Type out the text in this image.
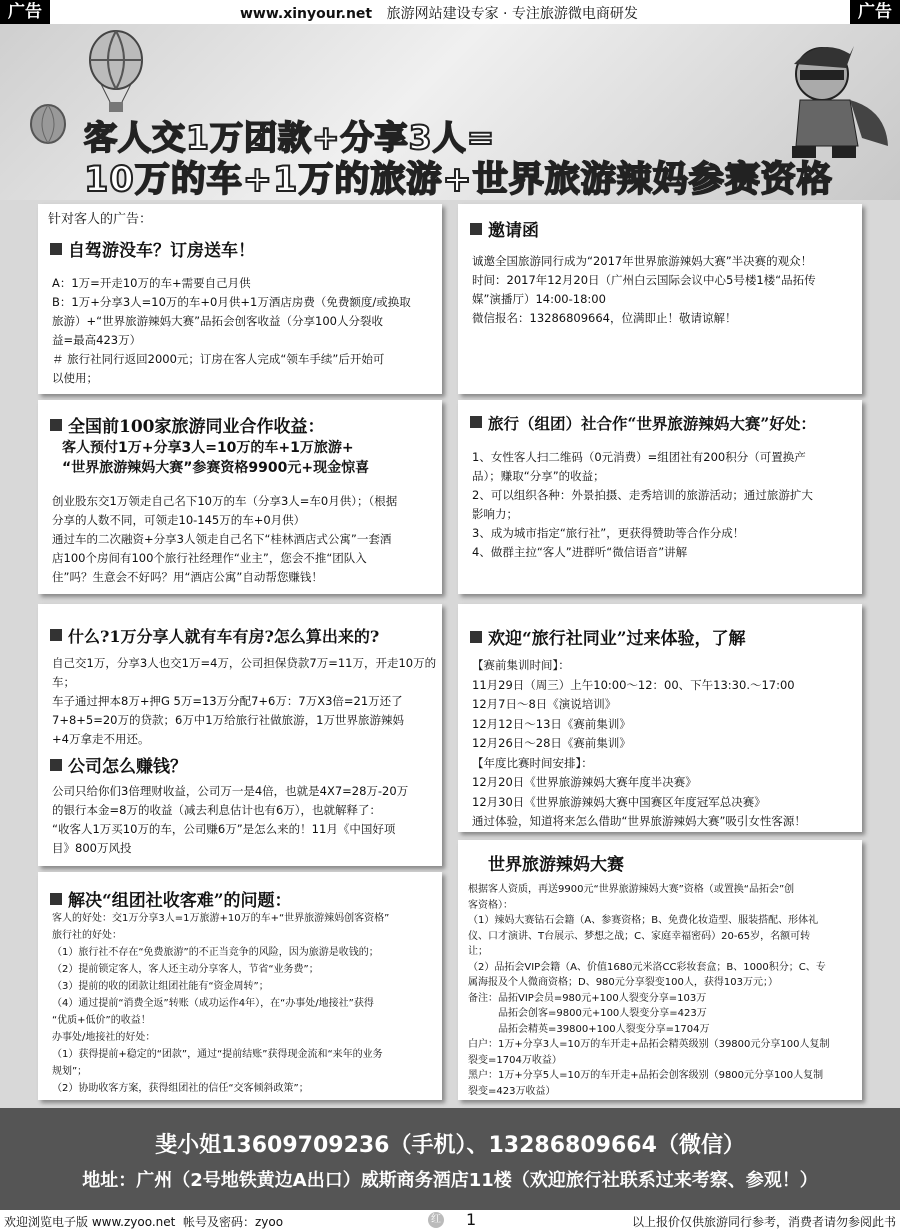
广告	www.xinyour.net 旅游网站建设专家 · 专注旅游微电商研发	广告
客人交1万团款+分享3人=
10万的车+1万的旅游+世界旅游辣妈参赛资格
针对客人的广告：
自驾游没车？订房送车！
A：1万=开走10万的车+需要自己月供
B：1万+分享3人=10万的车+0月供+1万酒店房费（免费额度/或换取
旅游）+“世界旅游辣妈大赛”品拓会创客收益（分享100人分裂收
益=最高423万）
＃ 旅行社同行返回2000元；订房在客人完成“领车手续”后开始可
以使用；
邀请函
诚邀全国旅游同行成为“2017年世界旅游辣妈大赛”半决赛的观众！
时间：2017年12月20日（广州白云国际会议中心5号楼1楼“品拓传
媒”演播厅）14:00-18:00
微信报名：13286809664，位满即止！敬请谅解！
全国前100家旅游同业合作收益：
客人预付1万+分享3人=10万的车+1万旅游+
“世界旅游辣妈大赛”参赛资格9900元+现金惊喜
创业股东交1万领走自己名下10万的车（分享3人=车0月供）；（根据
分享的人数不同，可领走10-145万的车+0月供）
通过车的二次融资+分享3人领走自己名下“桂林酒店式公寓”一套酒
店100个房间有100个旅行社经理作“业主”，您会不推“团队入
住”吗？生意会不好吗？用“酒店公寓”自动帮您赚钱！
旅行（组团）社合作“世界旅游辣妈大赛”好处：
1、女性客人扫二维码（0元消费）=组团社有200积分（可置换产
品）；赚取“分享”的收益；
2、可以组织各种：外景拍摄、走秀培训的旅游活动；通过旅游扩大
影响力；
3、成为城市指定“旅行社”，更获得赞助等合作分成！
4、做群主拉“客人”进群听“微信语音”讲解
什么?1万分享人就有车有房?怎么算出来的?
自己交1万，分享3人也交1万=4万，公司担保贷款7万=11万，开走10万的
车；
车子通过押本8万+押G 5万=13万分配7+6万：7万X3倍=21万还了
7+8+5=20万的贷款；6万中1万给旅行社做旅游，1万世界旅游辣妈
+4万拿走不用还。
公司怎么赚钱？
公司只给你们3倍理财收益，公司万一是4倍，也就是4X7=28万-20万
的银行本金=8万的收益（减去利息估计也有6万），也就解释了：
“收客人1万买10万的车，公司赚6万”是怎么来的！11月《中国好项
目》800万风投
欢迎“旅行社同业”过来体验，了解
【赛前集训时间】：
11月29日（周三）上午10:00～12：00、下午13:30.～17:00
12月7日～8日《演说培训》
12月12日～13日《赛前集训》
12月26日～28日《赛前集训》
【年度比赛时间安排】：
12月20日《世界旅游辣妈大赛年度半决赛》
12月30日《世界旅游辣妈大赛中国赛区年度冠军总决赛》
通过体验，知道将来怎么借助“世界旅游辣妈大赛”吸引女性客源！
解决“组团社收客难”的问题：
客人的好处：交1万分享3人=1万旅游+10万的车+“世界旅游辣妈创客资格”
旅行社的好处：
（1）旅行社不存在“免费旅游”的不正当竞争的风险，因为旅游是收钱的；
（2）提前锁定客人，客人还主动分享客人，节省“业务费”；
（3）提前的收的团款让组团社能有“资金周转”；
（4）通过提前“消费全返”转账（成功运作4年），在“办事处/地接社”获得
“优质+低价”的收益！
办事处/地接社的好处：
（1）获得提前+稳定的“团款”，通过“提前结账”获得现金流和“来年的业务
规划”；
（2）协助收客方案，获得组团社的信任“交客倾斜政策”；
世界旅游辣妈大赛
根据客人资质，再送9900元“世界旅游辣妈大赛”资格（或置换“品拓会”创
客资格）：
（1）辣妈大赛钻石会籍（A、参赛资格；B、免费化妆造型、服装搭配、形体礼
仪、口才演讲、T台展示、梦想之战；C、家庭幸福密码）20-65岁，名额可转
让；
（2）品拓会VIP会籍（A、价值1680元米洛CC彩妆套盒；B、1000积分；C、专
属海报及个人微商资格；D、980元分享裂变100人，获得103万元；）
备注：品拓VIP会员=980元+100人裂变分享=103万
品拓会创客=9800元+100人裂变分享=423万
品拓会精英=39800+100人裂变分享=1704万
白户：1万+分享3人=10万的车开走+品拓会精英级别（39800元分享100人复制
裂变=1704万收益）
黑户：1万+分享5人=10万的车开走+品拓会创客级别（9800元分享100人复制
裂变=423万收益）
斐小姐13609709236（手机）、13286809664（微信）
地址：广州（2号地铁黄边A出口）威斯商务酒店11楼（欢迎旅行社联系过来考察、参观！）
欢迎浏览电子版 www.zyoo.net  帐号及密码：zyoo	红 1	以上报价仅供旅游同行参考，消费者请勿参阅此书
